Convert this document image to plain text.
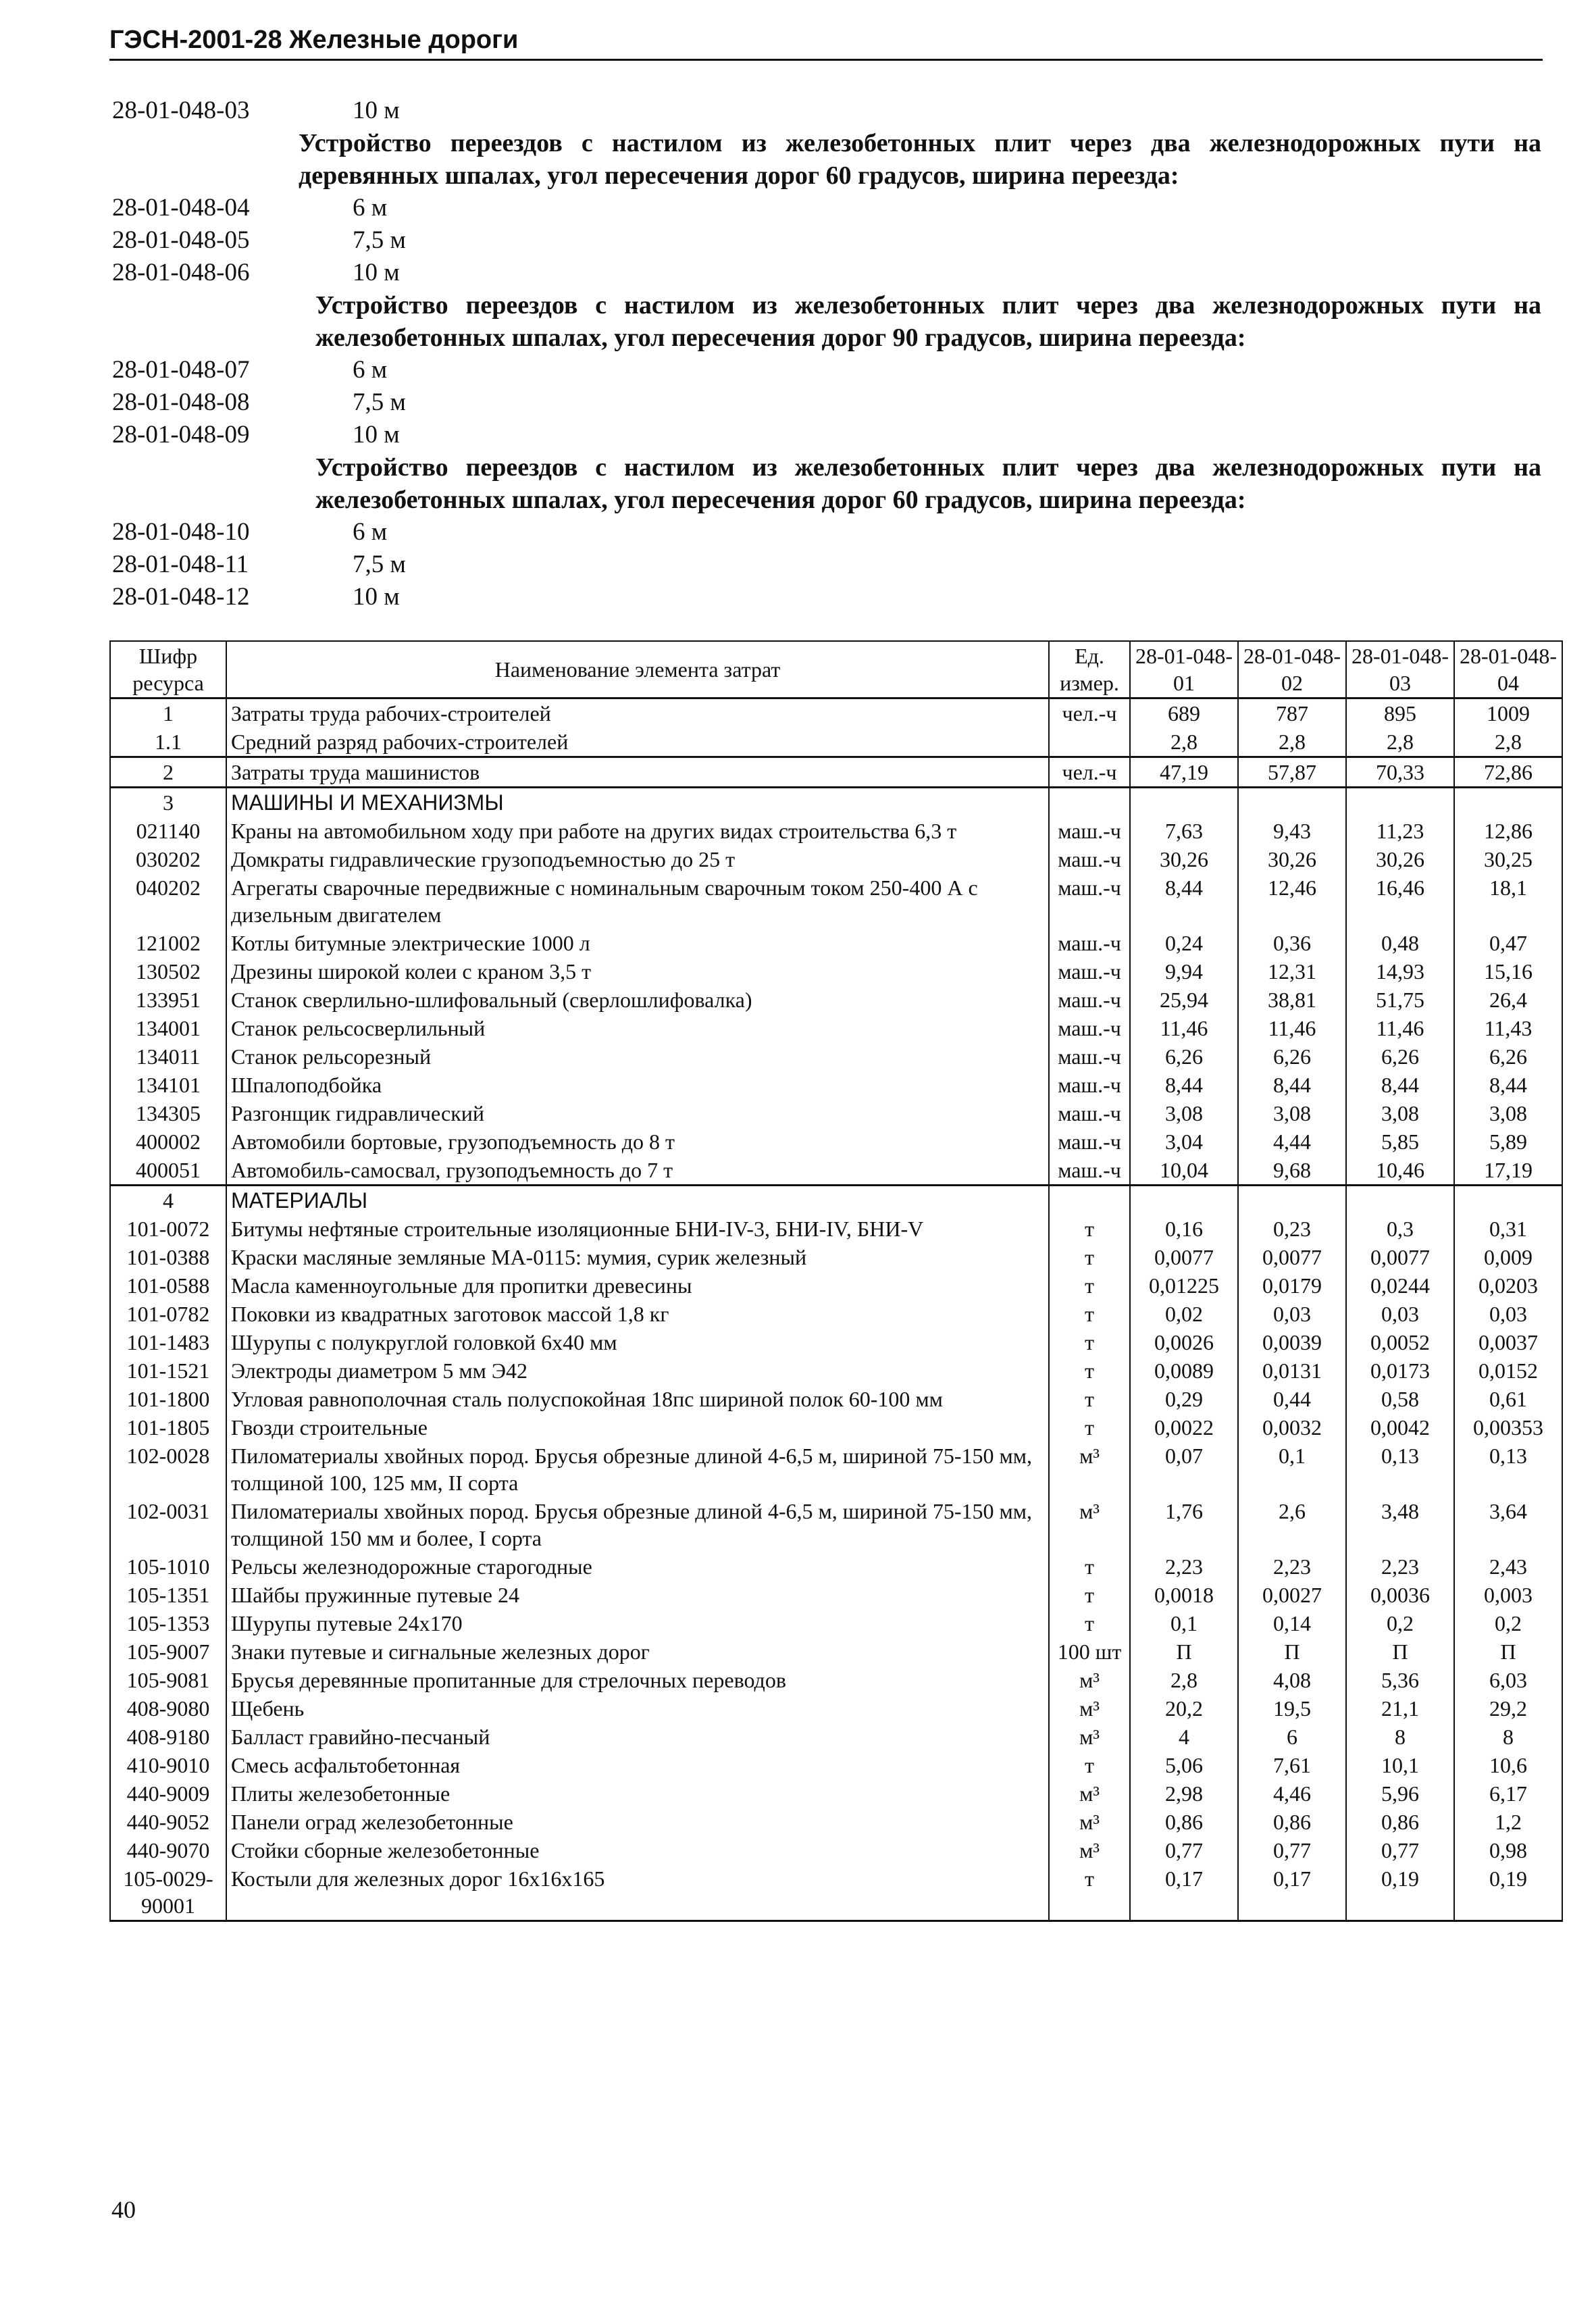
ГЭСН-2001-28 Железные дороги
28-01-048-03	10 м
Устройство переездов с настилом из железобетонных плит через два железнодорожных пути на деревянных шпалах, угол пересечения дорог 60 градусов, ширина переезда:
28-01-048-04	6 м
28-01-048-05	7,5 м
28-01-048-06	10 м
Устройство переездов с настилом из железобетонных плит через два железнодорожных пути на железобетонных шпалах, угол пересечения дорог 90 градусов, ширина переезда:
28-01-048-07	6 м
28-01-048-08	7,5 м
28-01-048-09	10 м
Устройство переездов с настилом из железобетонных плит через два железнодорожных пути на железобетонных шпалах, угол пересечения дорог 60 градусов, ширина переезда:
28-01-048-10	6 м
28-01-048-11	7,5 м
28-01-048-12	10 м
Шифр ресурса	Наименование элемента затрат	Ед. измер.	28-01-048-01	28-01-048-02	28-01-048-03	28-01-048-04
1	Затраты труда рабочих-строителей	чел.-ч	689	787	895	1009
1.1	Средний разряд рабочих-строителей		2,8	2,8	2,8	2,8
2	Затраты труда машинистов	чел.-ч	47,19	57,87	70,33	72,86
3	МАШИНЫ И МЕХАНИЗМЫ					
021140	Краны на автомобильном ходу при работе на других видах строительства 6,3 т	маш.-ч	7,63	9,43	11,23	12,86
030202	Домкраты гидравлические грузоподъемностью до 25 т	маш.-ч	30,26	30,26	30,26	30,25
040202	Агрегаты сварочные передвижные с номинальным сварочным током 250-400 А с дизельным двигателем	маш.-ч	8,44	12,46	16,46	18,1
121002	Котлы битумные электрические 1000 л	маш.-ч	0,24	0,36	0,48	0,47
130502	Дрезины широкой колеи с краном 3,5 т	маш.-ч	9,94	12,31	14,93	15,16
133951	Станок сверлильно-шлифовальный (сверлошлифовалка)	маш.-ч	25,94	38,81	51,75	26,4
134001	Станок рельсосверлильный	маш.-ч	11,46	11,46	11,46	11,43
134011	Станок рельсорезный	маш.-ч	6,26	6,26	6,26	6,26
134101	Шпалоподбойка	маш.-ч	8,44	8,44	8,44	8,44
134305	Разгонщик гидравлический	маш.-ч	3,08	3,08	3,08	3,08
400002	Автомобили бортовые, грузоподъемность до 8 т	маш.-ч	3,04	4,44	5,85	5,89
400051	Автомобиль-самосвал, грузоподъемность до 7 т	маш.-ч	10,04	9,68	10,46	17,19
4	МАТЕРИАЛЫ					
101-0072	Битумы нефтяные строительные изоляционные БНИ-IV-3, БНИ-IV, БНИ-V	т	0,16	0,23	0,3	0,31
101-0388	Краски масляные земляные МА-0115: мумия, сурик железный	т	0,0077	0,0077	0,0077	0,009
101-0588	Масла каменноугольные для пропитки древесины	т	0,01225	0,0179	0,0244	0,0203
101-0782	Поковки из квадратных заготовок массой 1,8 кг	т	0,02	0,03	0,03	0,03
101-1483	Шурупы с полукруглой головкой 6х40 мм	т	0,0026	0,0039	0,0052	0,0037
101-1521	Электроды диаметром 5 мм Э42	т	0,0089	0,0131	0,0173	0,0152
101-1800	Угловая равнополочная сталь полуспокойная 18пс шириной полок 60-100 мм	т	0,29	0,44	0,58	0,61
101-1805	Гвозди строительные	т	0,0022	0,0032	0,0042	0,00353
102-0028	Пиломатериалы хвойных пород. Брусья обрезные длиной 4-6,5 м, шириной 75-150 мм, толщиной 100, 125 мм, II сорта	м³	0,07	0,1	0,13	0,13
102-0031	Пиломатериалы хвойных пород. Брусья обрезные длиной 4-6,5 м, шириной 75-150 мм, толщиной 150 мм и более, I сорта	м³	1,76	2,6	3,48	3,64
105-1010	Рельсы железнодорожные старогодные	т	2,23	2,23	2,23	2,43
105-1351	Шайбы пружинные путевые 24	т	0,0018	0,0027	0,0036	0,003
105-1353	Шурупы путевые 24х170	т	0,1	0,14	0,2	0,2
105-9007	Знаки путевые и сигнальные железных дорог	100 шт	П	П	П	П
105-9081	Брусья деревянные пропитанные для стрелочных переводов	м³	2,8	4,08	5,36	6,03
408-9080	Щебень	м³	20,2	19,5	21,1	29,2
408-9180	Балласт гравийно-песчаный	м³	4	6	8	8
410-9010	Смесь асфальтобетонная	т	5,06	7,61	10,1	10,6
440-9009	Плиты железобетонные	м³	2,98	4,46	5,96	6,17
440-9052	Панели оград железобетонные	м³	0,86	0,86	0,86	1,2
440-9070	Стойки сборные железобетонные	м³	0,77	0,77	0,77	0,98
105-0029-90001	Костыли для железных дорог 16х16х165	т	0,17	0,17	0,19	0,19
40
